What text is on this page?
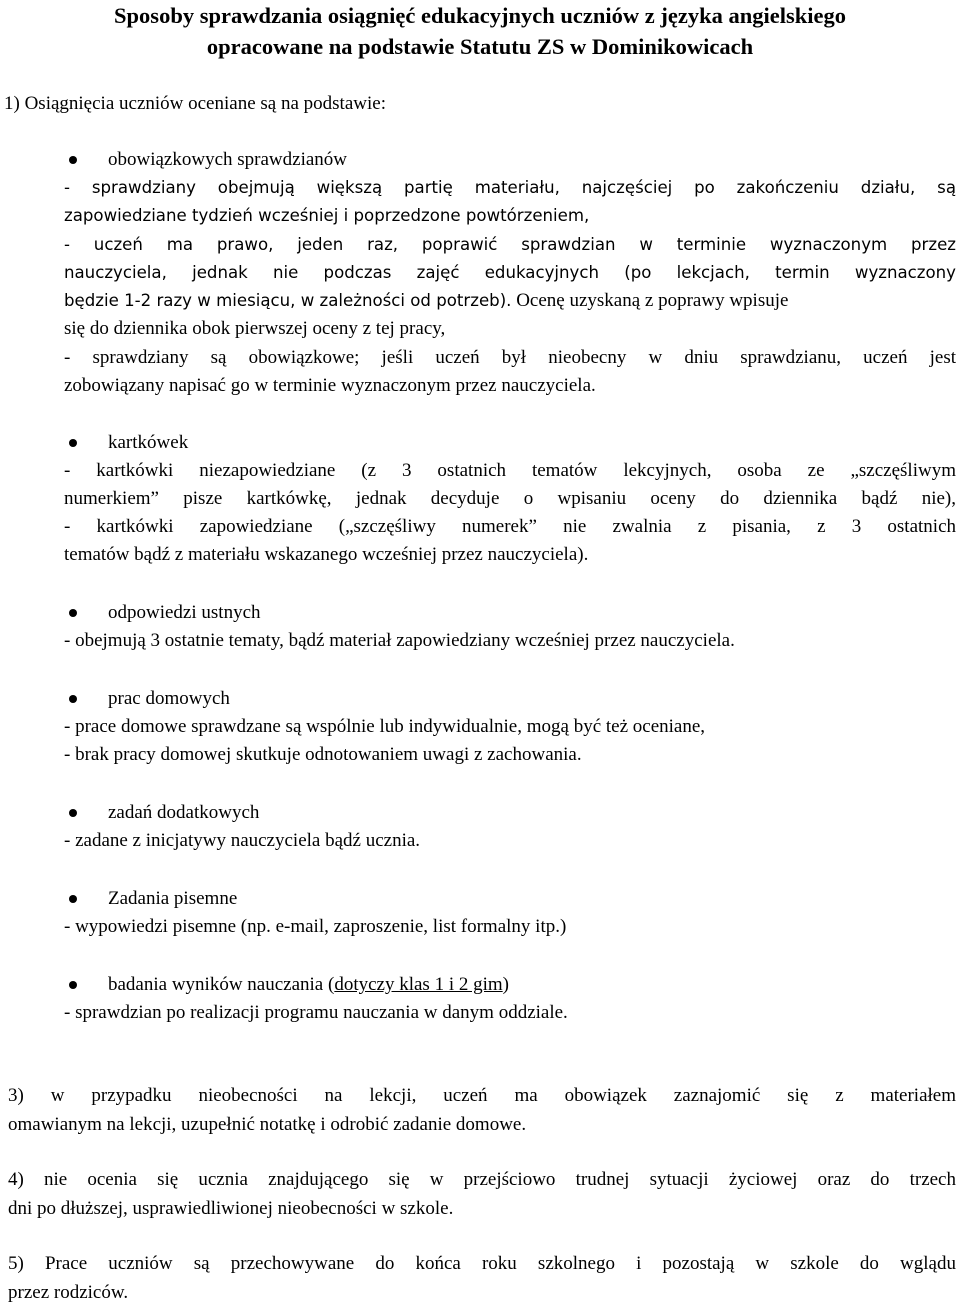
Sposoby sprawdzania osiągnięć edukacyjnych uczniów z języka angielskiego
opracowane na podstawie Statutu ZS w Dominikowicach
1) Osiągnięcia uczniów oceniane są na podstawie:
obowiązkowych sprawdzianów
- sprawdziany obejmują większą partię materiału, najczęściej po zakończeniu działu, są
zapowiedziane tydzień wcześniej i poprzedzone powtórzeniem,
- uczeń ma prawo, jeden raz, poprawić sprawdzian w terminie wyznaczonym przez
nauczyciela, jednak nie podczas zajęć edukacyjnych (po lekcjach, termin wyznaczony
będzie 1-2 razy w miesiącu, w zależności od potrzeb). Ocenę uzyskaną z poprawy wpisuje
się do dziennika obok pierwszej oceny z tej pracy,
- sprawdziany są obowiązkowe; jeśli uczeń był nieobecny w dniu sprawdzianu, uczeń jest
zobowiązany napisać go w terminie wyznaczonym przez nauczyciela.
kartkówek
- kartkówki niezapowiedziane (z 3 ostatnich tematów lekcyjnych, osoba ze „szczęśliwym
numerkiem” pisze kartkówkę, jednak decyduje o wpisaniu oceny do dziennika bądź nie),
- kartkówki zapowiedziane („szczęśliwy numerek” nie zwalnia z pisania, z 3 ostatnich
tematów bądź z materiału wskazanego wcześniej przez nauczyciela).
odpowiedzi ustnych
- obejmują 3 ostatnie tematy, bądź materiał zapowiedziany wcześniej przez nauczyciela.
prac domowych
- prace domowe sprawdzane są wspólnie lub indywidualnie, mogą być też oceniane,
- brak pracy domowej skutkuje odnotowaniem uwagi z zachowania.
zadań dodatkowych
- zadane z inicjatywy nauczyciela bądź ucznia.
Zadania pisemne
- wypowiedzi pisemne (np. e-mail, zaproszenie, list formalny itp.)
badania wyników nauczania (dotyczy klas 1 i 2 gim)
- sprawdzian po realizacji programu nauczania w danym oddziale.
3) w przypadku nieobecności na lekcji, uczeń ma obowiązek zaznajomić się z materiałem
omawianym na lekcji, uzupełnić notatkę i odrobić zadanie domowe.
4) nie ocenia się ucznia znajdującego się w przejściowo trudnej sytuacji życiowej oraz do trzech
dni po dłuższej, usprawiedliwionej nieobecności w szkole.
5) Prace uczniów są przechowywane do końca roku szkolnego i pozostają w szkole do wglądu
przez rodziców.
